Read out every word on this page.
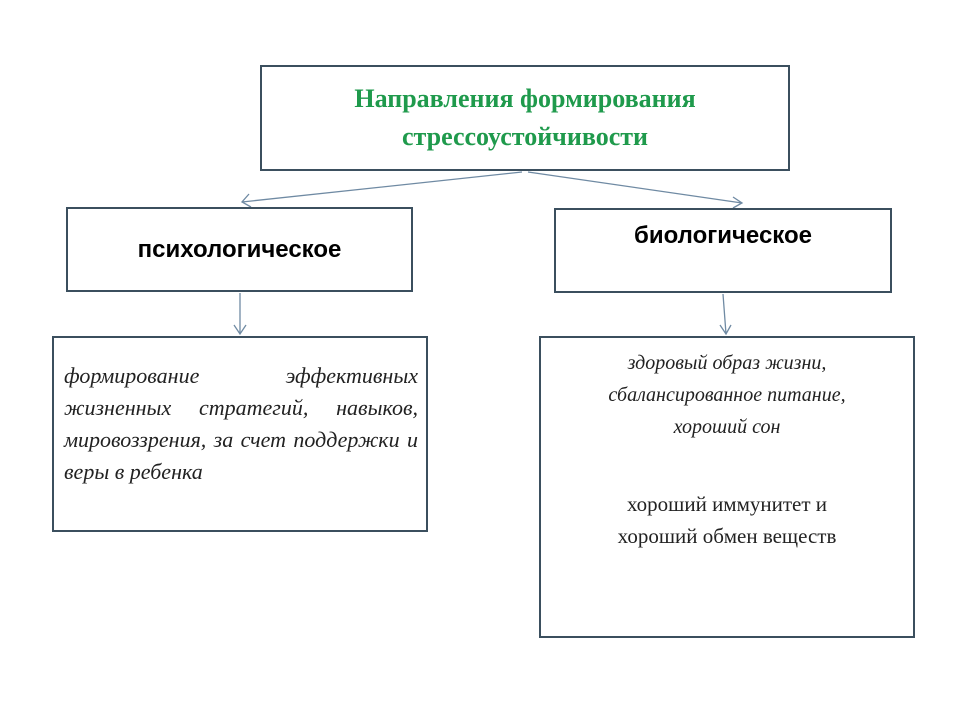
Направления формирования
стрессоустойчивости
психологическое	биологическое
формирование эффективных жизненных стратегий, навыков, мировоззрения, за счет поддержки и веры в ребенка
здоровый образ жизни,
сбалансированное питание,
хороший сон
хороший иммунитет и
хороший обмен веществ
